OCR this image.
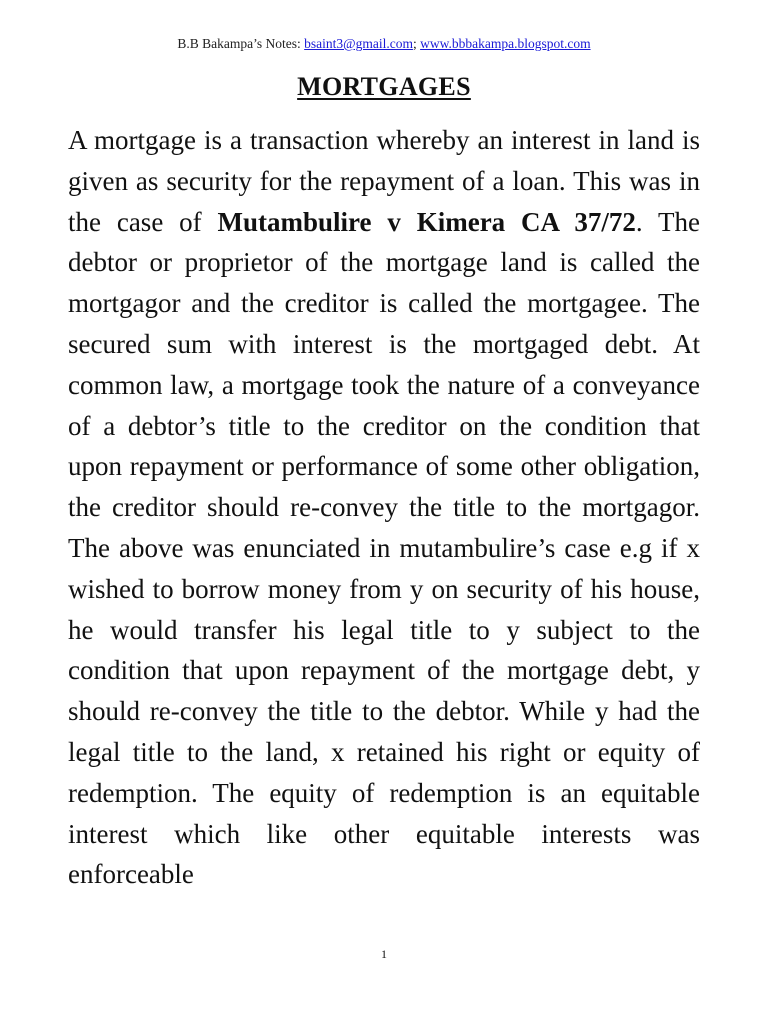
B.B Bakampa’s Notes: bsaint3@gmail.com; www.bbbakampa.blogspot.com
MORTGAGES
A mortgage is a transaction whereby an interest in land is given as security for the repayment of a loan. This was in the case of Mutambulire v Kimera CA 37/72. The debtor or proprietor of the mortgage land is called the mortgagor and the creditor is called the mortgagee. The secured sum with interest is the mortgaged debt. At common law, a mortgage took the nature of a conveyance of a debtor’s title to the creditor on the condition that upon repayment or performance of some other obligation, the creditor should re-convey the title to the mortgagor. The above was enunciated in mutambulire’s case e.g if x wished to borrow money from y on security of his house, he would transfer his legal title to y subject to the condition that upon repayment of the mortgage debt, y should re-convey the title to the debtor. While y had the legal title to the land, x retained his right or equity of redemption. The equity of redemption is an equitable interest which like other equitable interests was enforceable
1
